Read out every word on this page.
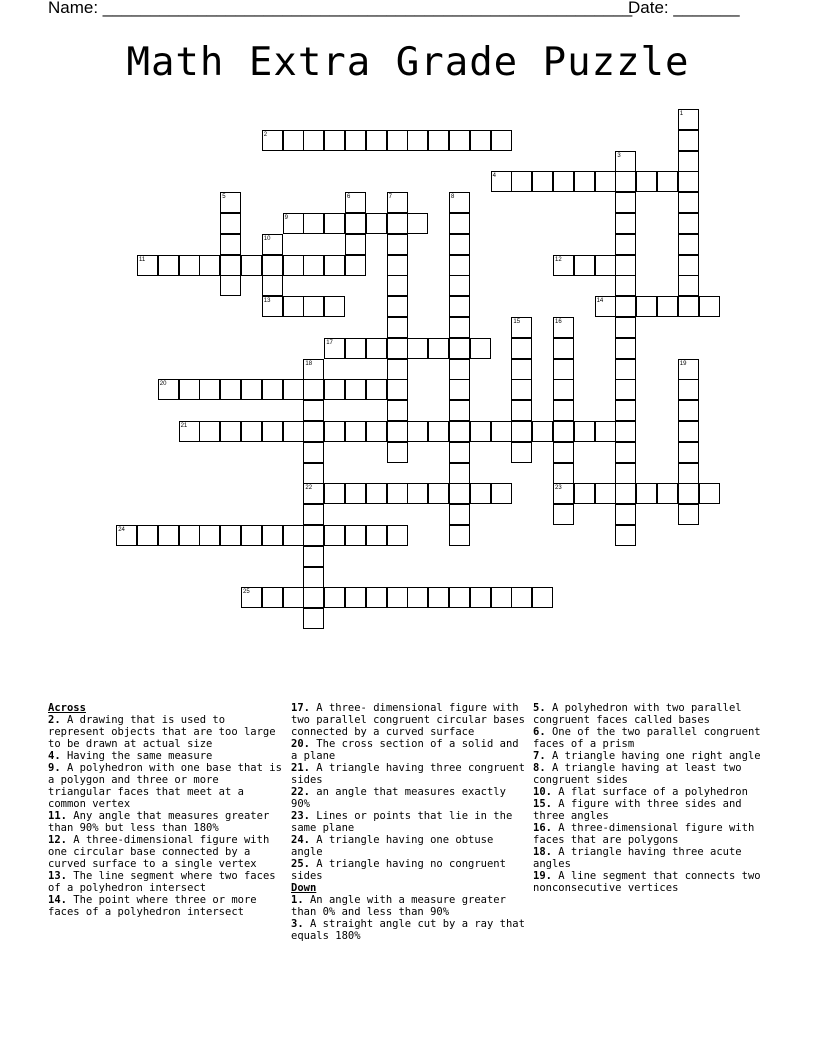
Name: ________________________________________________________
Date: _______
Math Extra Grade Puzzle
1
2
3
4
5	6	7	8
9
10
11	12
13	14
15	16
17
18	19
20
21
22	23
24
25
Across
2. A drawing that is used to represent objects that are too large to be drawn at actual size
4. Having the same measure
9. A polyhedron with one base that is a polygon and three or more triangular faces that meet at a common vertex
11. Any angle that measures greater than 90% but less than 180%
12. A three-dimensional figure with one circular base connected by a curved surface to a single vertex
13. The line segment where two faces of a polyhedron intersect
14. The point where three or more faces of a polyhedron intersect
17. A three- dimensional figure with two parallel congruent circular bases connected by a curved surface
20. The cross section of a solid and a plane
21. A triangle having three congruent sides
22. an angle that measures exactly 90%
23. Lines or points that lie in the same plane
24. A triangle having one obtuse angle
25. A triangle having no congruent sides
Down
1. An angle with a measure greater than 0% and less than 90%
3. A straight angle cut by a ray that equals 180%
5. A polyhedron with two parallel congruent faces called bases
6. One of the two parallel congruent faces of a prism
7. A triangle having one right angle
8. A triangle having at least two congruent sides
10. A flat surface of a polyhedron
15. A figure with three sides and three angles
16. A three-dimensional figure with faces that are polygons
18. A triangle having three acute angles
19. A line segment that connects two nonconsecutive vertices
